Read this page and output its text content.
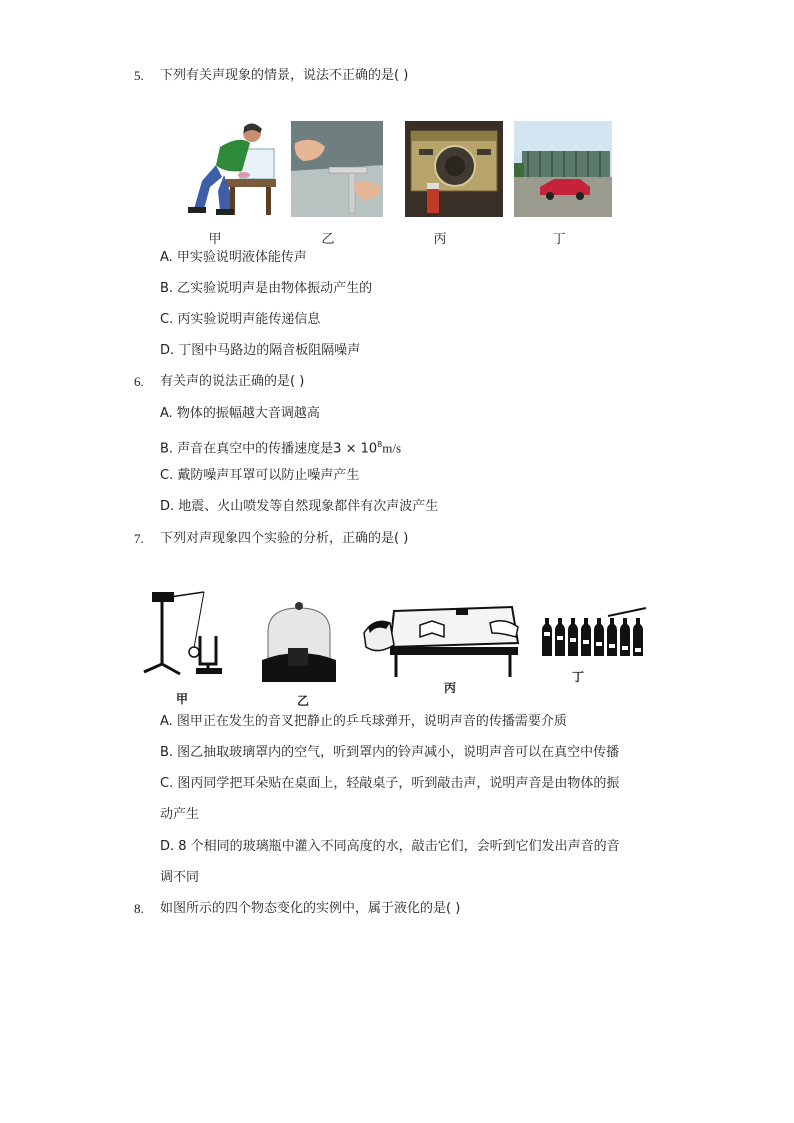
5. 下列有关声现象的情景，说法不正确的是( )
甲	乙	丙	丁
A. 甲实验说明液体能传声
B. 乙实验说明声是由物体振动产生的
C. 丙实验说明声能传递信息
D. 丁图中马路边的隔音板阻隔噪声
6. 有关声的说法正确的是( )
A. 物体的振幅越大音调越高
B. 声音在真空中的传播速度是$3 \times 10^8m/s$
C. 戴防噪声耳罩可以防止噪声产生
D. 地震、火山喷发等自然现象都伴有次声波产生
7. 下列对声现象四个实验的分析，正确的是( )
甲	乙
丙
丁
A. 图甲正在发生的音叉把静止的乒乓球弹开，说明声音的传播需要介质
B. 图乙抽取玻璃罩内的空气，听到罩内的铃声减小，说明声音可以在真空中传播
C. 图丙同学把耳朵贴在桌面上，轻敲桌子，听到敲击声，说明声音是由物体的振
动产生
D. 8 个相同的玻璃瓶中灌入不同高度的水，敲击它们，会听到它们发出声音的音
调不同
8. 如图所示的四个物态变化的实例中，属于液化的是( )
